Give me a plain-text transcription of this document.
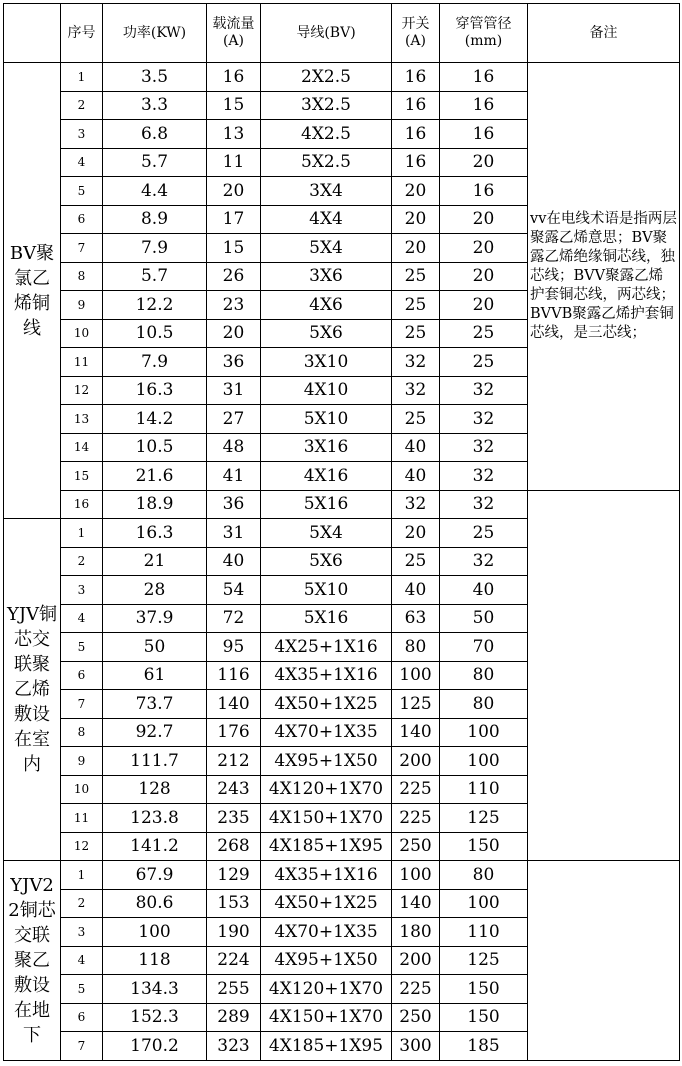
	序号	功率(KW)	载流量(A)	导线(BV)	开关(A)	穿管管径(mm)	备注
BV聚氯乙烯铜线	1	3.5	16	2X2.5	16	16	vv在电线术语是指两层聚露乙烯意思；BV聚露乙烯绝缘铜芯线，独芯线；BVV聚露乙烯护套铜芯线，两芯线；BVVB聚露乙烯护套铜芯线，是三芯线；
	2	3.3	15	3X2.5	16	16	
	3	6.8	13	4X2.5	16	16	
	4	5.7	11	5X2.5	16	20	
	5	4.4	20	3X4	20	16	
	6	8.9	17	4X4	20	20	
	7	7.9	15	5X4	20	20	
	8	5.7	26	3X6	25	20	
	9	12.2	23	4X6	25	20	
	10	10.5	20	5X6	25	25	
	11	7.9	36	3X10	32	25	
	12	16.3	31	4X10	32	32	
	13	14.2	27	5X10	25	32	
	14	10.5	48	3X16	40	32	
	15	21.6	41	4X16	40	32	
	16	18.9	36	5X16	32	32	
YJV铜芯交联聚乙烯敷设在室内	1	16.3	31	5X4	20	25	
	2	21	40	5X6	25	32	
	3	28	54	5X10	40	40	
	4	37.9	72	5X16	63	50	
	5	50	95	4X25+1X16	80	70	
	6	61	116	4X35+1X16	100	80	
	7	73.7	140	4X50+1X25	125	80	
	8	92.7	176	4X70+1X35	140	100	
	9	111.7	212	4X95+1X50	200	100	
	10	128	243	4X120+1X70	225	110	
	11	123.8	235	4X150+1X70	225	125	
	12	141.2	268	4X185+1X95	250	150	
YJV22铜芯交联聚乙敷设在地下	1	67.9	129	4X35+1X16	100	80	
	2	80.6	153	4X50+1X25	140	100	
	3	100	190	4X70+1X35	180	110	
	4	118	224	4X95+1X50	200	125	
	5	134.3	255	4X120+1X70	225	150	
	6	152.3	289	4X150+1X70	250	150	
	7	170.2	323	4X185+1X95	300	185	
